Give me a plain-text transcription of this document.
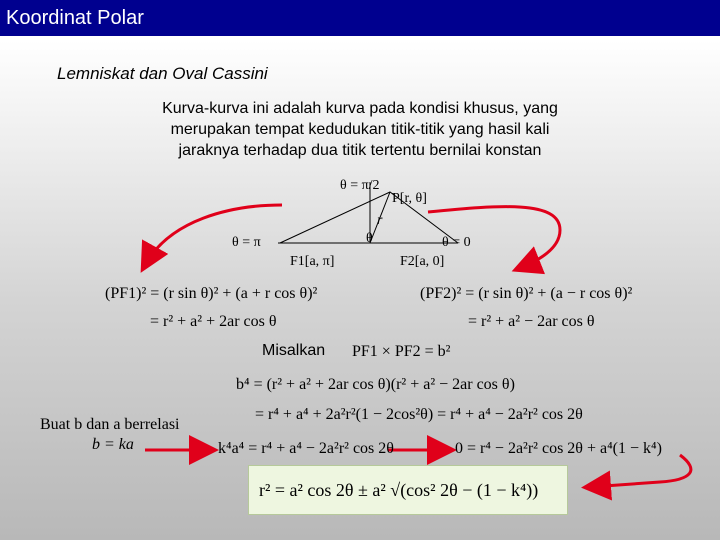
Koordinat Polar
Lemniskat dan Oval Cassini
Kurva-kurva ini adalah kurva pada kondisi khusus, yang
merupakan tempat kedudukan titik-titik yang hasil kali
jaraknya terhadap dua titik tertentu bernilai konstan
θ = π/2
P[r, θ]
r
θ
θ = π	θ = 0
F1[a, π]	F2[a, 0]
(PF1)² = (r sin θ)² + (a + r cos θ)²
= r² + a² + 2ar cos θ
(PF2)² = (r sin θ)² + (a − r cos θ)²
= r² + a² − 2ar cos θ
Misalkan PF1 × PF2 = b²
b⁴ = (r² + a² + 2ar cos θ)(r² + a² − 2ar cos θ)
= r⁴ + a⁴ + 2a²r²(1 − 2cos²θ) = r⁴ + a⁴ − 2a²r² cos 2θ
Buat b dan a berrelasi
b = ka	k⁴a⁴ = r⁴ + a⁴ − 2a²r² cos 2θ	0 = r⁴ − 2a²r² cos 2θ + a⁴(1 − k⁴)
r² = a² cos 2θ ± a² √(cos² 2θ − (1 − k⁴))
